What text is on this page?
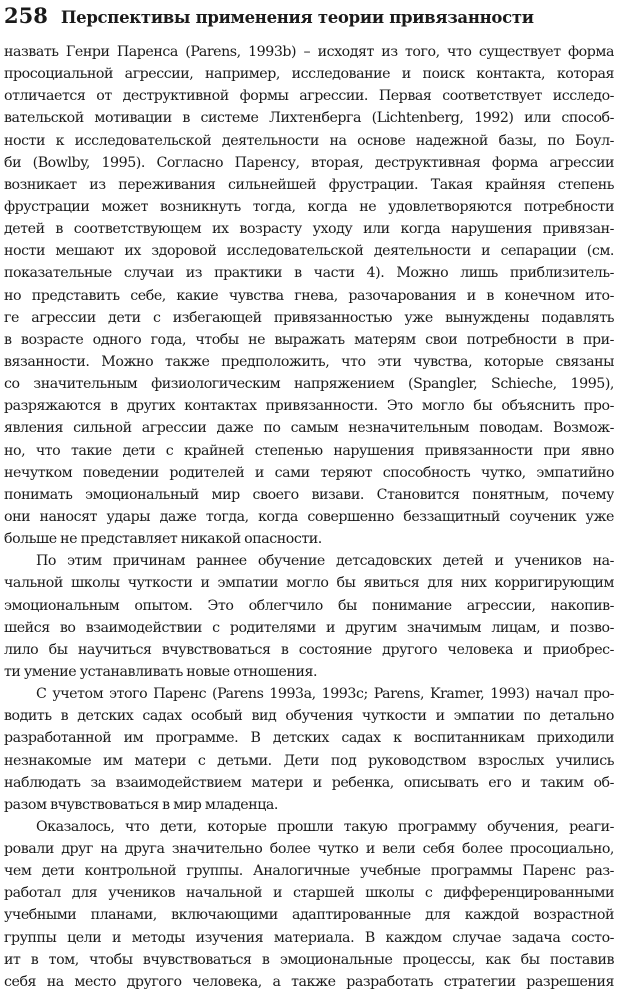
258 Перспективы применения теории привязанности
назвать Генри Паренса (Parens, 1993b) – исходят из того, что существует форма
просоциальной агрессии, например, исследование и поиск контакта, которая
отличается от деструктивной формы агрессии. Первая соответствует исследо-
вательской мотивации в системе Лихтенберга (Lichtenberg, 1992) или способ-
ности к исследовательской деятельности на основе надежной базы, по Боул-
би (Bowlby, 1995). Согласно Паренсу, вторая, деструктивная форма агрессии
возникает из переживания сильнейшей фрустрации. Такая крайняя степень
фрустрации может возникнуть тогда, когда не удовлетворяются потребности
детей в соответствующем их возрасту уходу или когда нарушения привязан-
ности мешают их здоровой исследовательской деятельности и сепарации (см.
показательные случаи из практики в части 4). Можно лишь приблизитель-
но представить себе, какие чувства гнева, разочарования и в конечном ито-
ге агрессии дети с избегающей привязанностью уже вынуждены подавлять
в возрасте одного года, чтобы не выражать матерям свои потребности в при-
вязанности. Можно также предположить, что эти чувства, которые связаны
со значительным физиологическим напряжением (Spangler, Schieche, 1995),
разряжаются в других контактах привязанности. Это могло бы объяснить про-
явления сильной агрессии даже по самым незначительным поводам. Возмож-
но, что такие дети с крайней степенью нарушения привязанности при явно
нечутком поведении родителей и сами теряют способность чутко, эмпатийно
понимать эмоциональный мир своего визави. Становится понятным, почему
они наносят удары даже тогда, когда совершенно беззащитный соученик уже
больше не представляет никакой опасности.
По этим причинам раннее обучение детсадовских детей и учеников на-
чальной школы чуткости и эмпатии могло бы явиться для них корригирующим
эмоциональным опытом. Это облегчило бы понимание агрессии, накопив-
шейся во взаимодействии с родителями и другим значимым лицам, и позво-
лило бы научиться вчувствоваться в состояние другого человека и приобрес-
ти умение устанавливать новые отношения.
С учетом этого Паренс (Parens 1993a, 1993c; Parens, Kramer, 1993) начал про-
водить в детских садах особый вид обучения чуткости и эмпатии по детально
разработанной им программе. В детских садах к воспитанникам приходили
незнакомые им матери с детьми. Дети под руководством взрослых учились
наблюдать за взаимодействием матери и ребенка, описывать его и таким об-
разом вчувствоваться в мир младенца.
Оказалось, что дети, которые прошли такую программу обучения, реаги-
ровали друг на друга значительно более чутко и вели себя более просоциально,
чем дети контрольной группы. Аналогичные учебные программы Паренс раз-
работал для учеников начальной и старшей школы с дифференцированными
учебными планами, включающими адаптированные для каждой возрастной
группы цели и методы изучения материала. В каждом случае задача состо-
ит в том, чтобы вчувствоваться в эмоциональные процессы, как бы поставив
себя на место другого человека, а также разработать стратегии разрешения
